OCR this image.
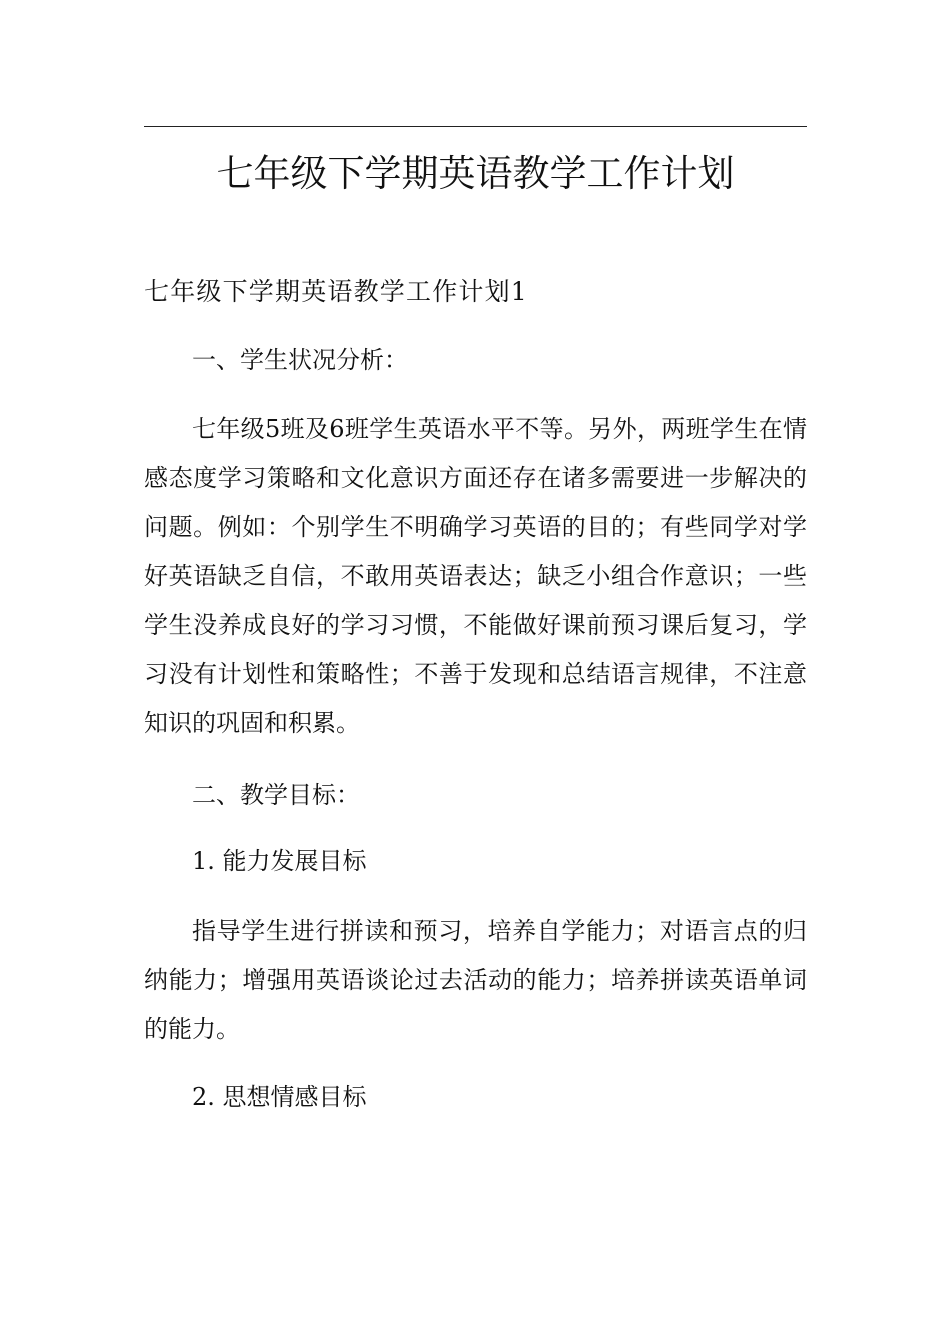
七年级下学期英语教学工作计划
七年级下学期英语教学工作计划1

一、学生状况分析：

七年级5班及6班学生英语水平不等。另外，两班学生在情感态度学习策略和文化意识方面还存在诸多需要进一步解决的问题。例如：个别学生不明确学习英语的目的；有些同学对学好英语缺乏自信，不敢用英语表达；缺乏小组合作意识；一些学生没养成良好的学习习惯，不能做好课前预习课后复习，学习没有计划性和策略性；不善于发现和总结语言规律，不注意知识的巩固和积累。

二、教学目标：

1. 能力发展目标

指导学生进行拼读和预习，培养自学能力；对语言点的归纳能力；增强用英语谈论过去活动的能力；培养拼读英语单词的能力。

2. 思想情感目标
